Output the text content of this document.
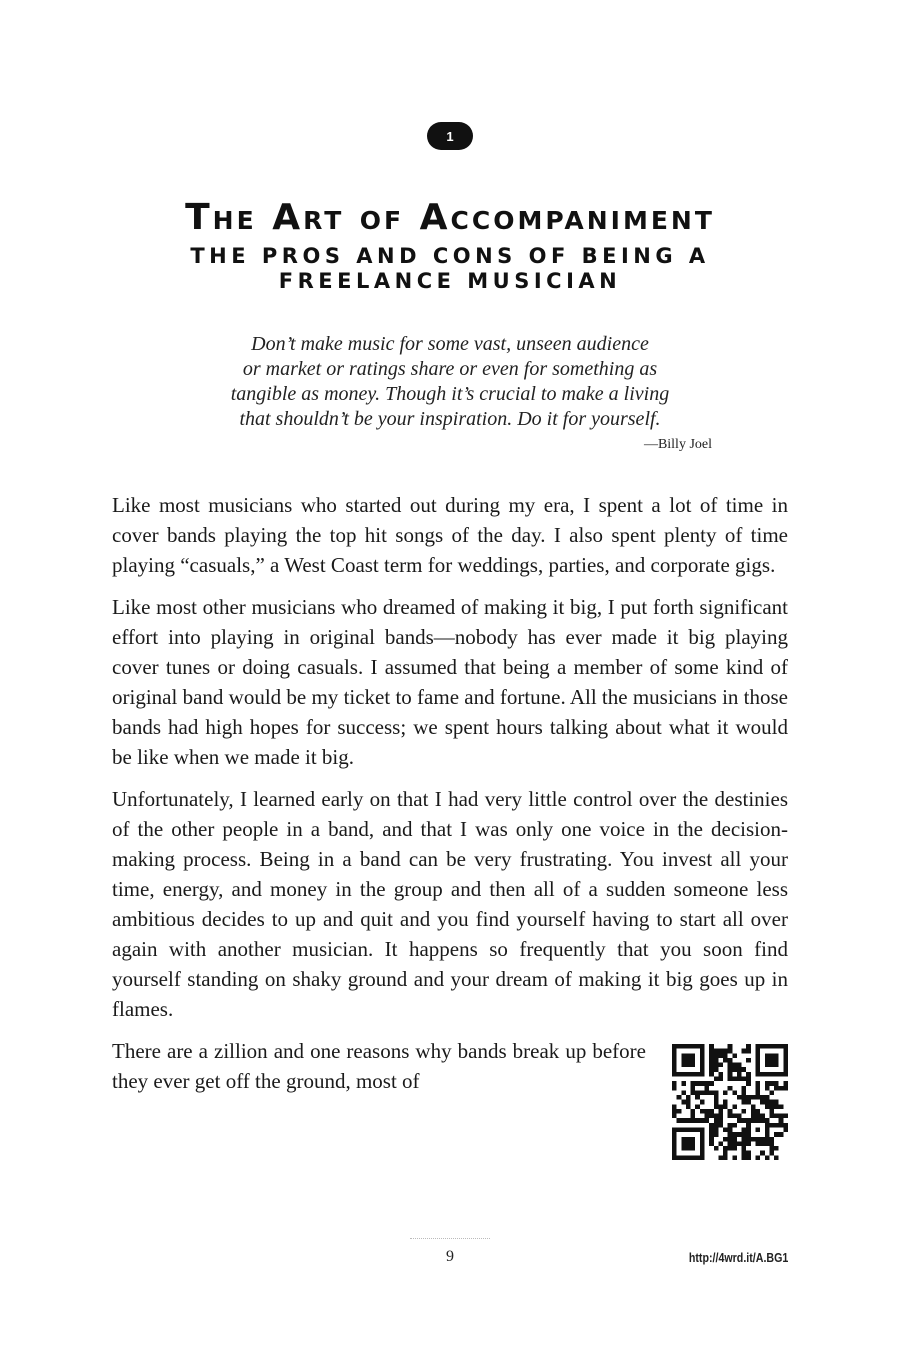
1
The Art of Accompaniment
THE PROS AND CONS OF BEING A FREELANCE MUSICIAN

Don’t make music for some vast, unseen audience
or market or ratings share or even for something as
tangible as money. Though it’s crucial to make a living
that shouldn’t be your inspiration. Do it for yourself.

—Billy Joel

Like most musicians who started out during my era, I spent a lot of time in cover bands playing the top hit songs of the day. I also spent plenty of time playing “casuals,” a West Coast term for weddings, parties, and corporate gigs.

Like most other musicians who dreamed of making it big, I put forth significant effort into playing in original bands—nobody has ever made it big playing cover tunes or doing casuals. I assumed that being a member of some kind of original band would be my ticket to fame and fortune. All the musicians in those bands had high hopes for success; we spent hours talking about what it would be like when we made it big.

Unfortunately, I learned early on that I had very little control over the destinies of the other people in a band, and that I was only one voice in the decision-making process. Being in a band can be very frustrating. You invest all your time, energy, and money in the group and then all of a sudden someone less ambitious decides to up and quit and you find yourself having to start all over again with another musician. It happens so frequently that you soon find yourself standing on shaky ground and your dream of making it big goes up in flames.

There are a zillion and one reasons why bands break up before they ever get off the ground, most of

9	http://4wrd.it/A.BG1
